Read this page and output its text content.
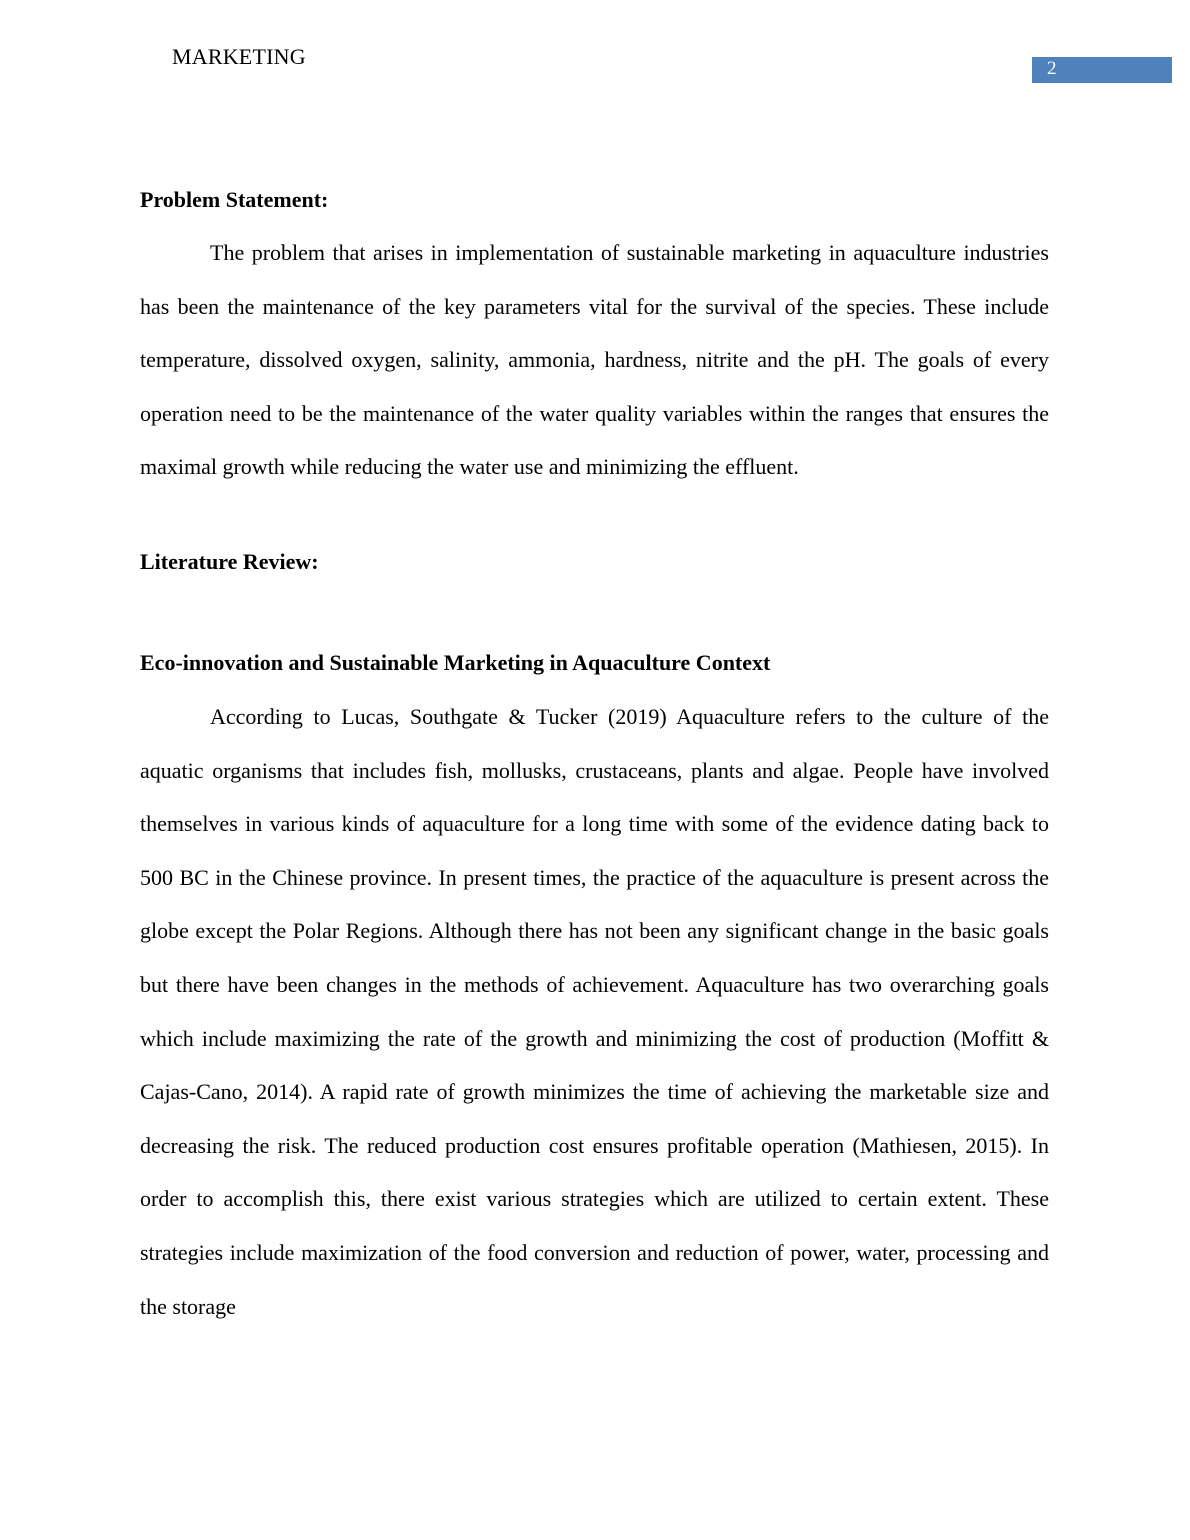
MARKETING	2

Problem Statement:

The problem that arises in implementation of sustainable marketing in aquaculture industries has been the maintenance of the key parameters vital for the survival of the species. These include temperature, dissolved oxygen, salinity, ammonia, hardness, nitrite and the pH. The goals of every operation need to be the maintenance of the water quality variables within the ranges that ensures the maximal growth while reducing the water use and minimizing the effluent.

Literature Review:

Eco-innovation and Sustainable Marketing in Aquaculture Context

According to Lucas, Southgate & Tucker (2019) Aquaculture refers to the culture of the aquatic organisms that includes fish, mollusks, crustaceans, plants and algae. People have involved themselves in various kinds of aquaculture for a long time with some of the evidence dating back to 500 BC in the Chinese province. In present times, the practice of the aquaculture is present across the globe except the Polar Regions. Although there has not been any significant change in the basic goals but there have been changes in the methods of achievement. Aquaculture has two overarching goals which include maximizing the rate of the growth and minimizing the cost of production (Moffitt & Cajas-Cano, 2014). A rapid rate of growth minimizes the time of achieving the marketable size and decreasing the risk. The reduced production cost ensures profitable operation (Mathiesen, 2015). In order to accomplish this, there exist various strategies which are utilized to certain extent. These strategies include maximization of the food conversion and reduction of power, water, processing and the storage
